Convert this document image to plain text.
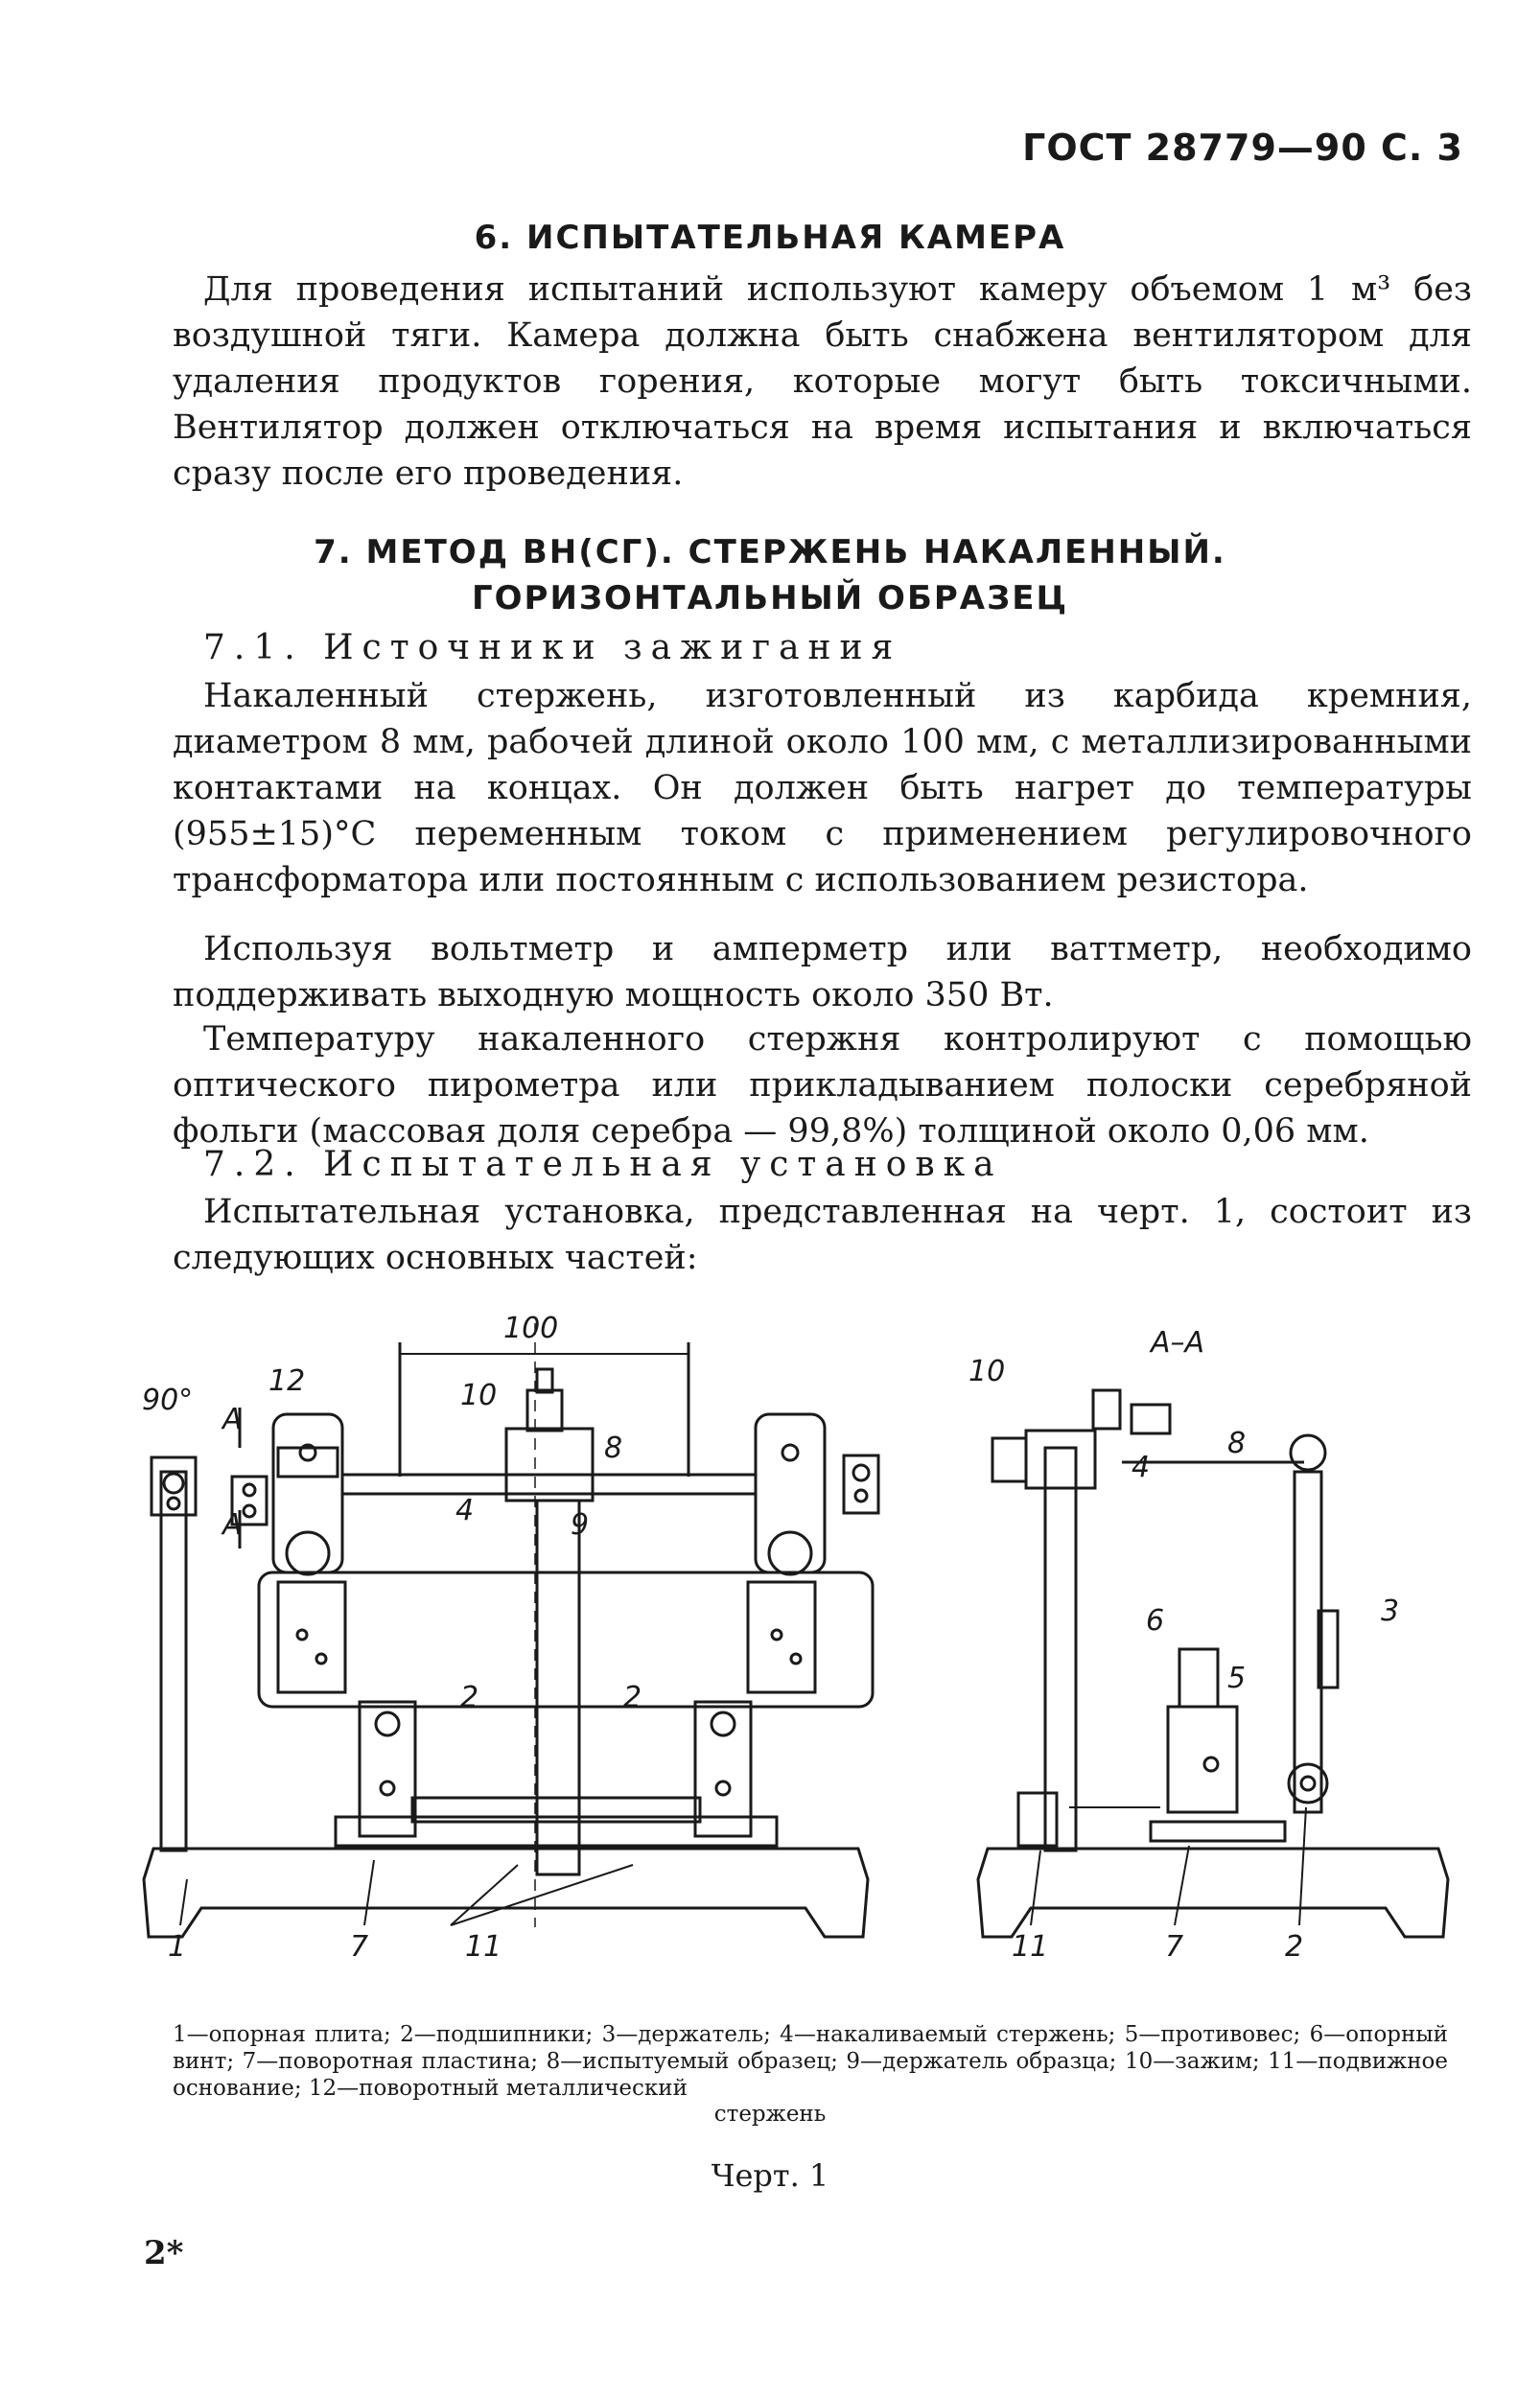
ГОСТ 28779—90 С. 3
6. ИСПЫТАТЕЛЬНАЯ КАМЕРА
Для проведения испытаний используют камеру объемом 1 м³ без воздушной тяги. Камера должна быть снабжена вентилятором для удаления продуктов горения, которые могут быть токсичными. Вентилятор должен отключаться на время испытания и включаться сразу после его проведения.
7. МЕТОД ВН(СГ). СТЕРЖЕНЬ НАКАЛЕННЫЙ.
ГОРИЗОНТАЛЬНЫЙ ОБРАЗЕЦ
7.1. Источники зажигания
Накаленный стержень, изготовленный из карбида кремния, диаметром 8 мм, рабочей длиной около 100 мм, с металлизированными контактами на концах. Он должен быть нагрет до температуры (955±15)°С переменным током с применением регулировочного трансформатора или постоянным с использованием резистора.
Используя вольтметр и амперметр или ваттметр, необходимо поддерживать выходную мощность около 350 Вт.
Температуру накаленного стержня контролируют с помощью оптического пирометра или прикладыванием полоски серебряной фольги (массовая доля серебра — 99,8%) толщиной около 0,06 мм.
7.2. Испытательная установка
Испытательная установка, представленная на черт. 1, состоит из следующих основных частей:
100
8
4
90°
А
А
А–А
1
2	2
3
4
5
6
7	7
8
9
10
10
11	11	2
12
1—опорная плита; 2—подшипники; 3—держатель; 4—накаливаемый стержень; 5—противовес; 6—опорный винт; 7—поворотная пластина; 8—испытуемый образец; 9—держатель образца; 10—зажим; 11—подвижное основание; 12—поворотный металлический
стержень
Черт. 1
2*
